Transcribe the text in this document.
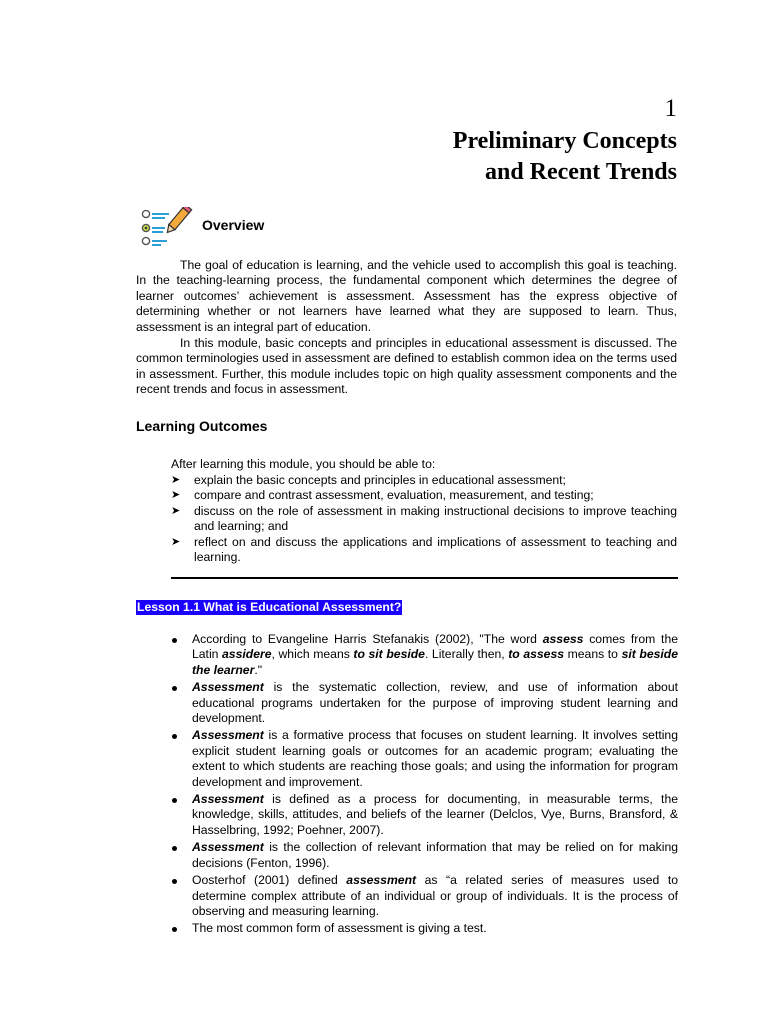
1
Preliminary Concepts
and Recent Trends
Overview

The goal of education is learning, and the vehicle used to accomplish this goal is teaching. In the teaching-learning process, the fundamental component which determines the degree of learner outcomes’ achievement is assessment. Assessment has the express objective of determining whether or not learners have learned what they are supposed to learn. Thus, assessment is an integral part of education.

In this module, basic concepts and principles in educational assessment is discussed. The common terminologies used in assessment are defined to establish common idea on the terms used in assessment. Further, this module includes topic on high quality assessment components and the recent trends and focus in assessment.

Learning Outcomes
After learning this module, you should be able to:
➤ explain the basic concepts and principles in educational assessment;
➤ compare and contrast assessment, evaluation, measurement, and testing;
➤ discuss on the role of assessment in making instructional decisions to improve teaching and learning; and
➤ reflect on and discuss the applications and implications of assessment to teaching and learning.
Lesson 1.1 What is Educational Assessment?
According to Evangeline Harris Stefanakis (2002), "The word assess comes from the Latin assidere, which means to sit beside. Literally then, to assess means to sit beside the learner."
Assessment is the systematic collection, review, and use of information about educational programs undertaken for the purpose of improving student learning and development.
Assessment is a formative process that focuses on student learning. It involves setting explicit student learning goals or outcomes for an academic program; evaluating the extent to which students are reaching those goals; and using the information for program development and improvement.
Assessment is defined as a process for documenting, in measurable terms, the knowledge, skills, attitudes, and beliefs of the learner (Delclos, Vye, Burns, Bransford, & Hasselbring, 1992; Poehner, 2007).
Assessment is the collection of relevant information that may be relied on for making decisions (Fenton, 1996).
Oosterhof (2001) defined assessment as “a related series of measures used to determine complex attribute of an individual or group of individuals. It is the process of observing and measuring learning.
The most common form of assessment is giving a test.
